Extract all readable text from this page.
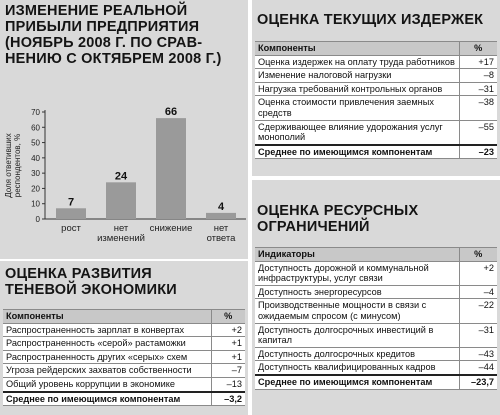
ИЗМЕНЕНИЕ РЕАЛЬНОЙ
ПРИБЫЛИ ПРЕДПРИЯТИЯ
(НОЯБРЬ 2008 Г. ПО СРАВ-
НЕНИЮ С ОКТЯБРЕМ 2008 Г.)
0
10
20
30
40
50
60
70
Доля ответившихреспондентов, %
7
рост
24
нет
изменений
66
снижение
4
нет
ответа
ОЦЕНКА РАЗВИТИЯ
ТЕНЕВОЙ ЭКОНОМИКИ
Компоненты	%
Распространенность зарплат в конвертах	+2
Распространенность «серой» растаможки	+1
Распространенность других «серых» схем	+1
Угроза рейдерских захватов собственности	–7
Общий уровень коррупции в экономике	–13
Среднее по имеющимся компонентам	–3,2
ОЦЕНКА ТЕКУЩИХ ИЗДЕРЖЕК
Компоненты	%
Оценка издержек на оплату труда работников	+17
Изменение налоговой нагрузки	–8
Нагрузка требований контрольных органов	–31
Оценка стоимости привлечения заемных средств	–38
Сдерживающее влияние удорожания услуг монополий	–55
Среднее по имеющимся компонентам	–23
ОЦЕНКА РЕСУРСНЫХ
ОГРАНИЧЕНИЙ
Индикаторы	%
Доступность дорожной и коммунальной инфраструктуры, услуг связи	+2
Доступность энергоресурсов	–4
Производственные мощности в связи с ожидаемым спросом (с минусом)	–22
Доступность долгосрочных инвестиций в капитал	–31
Доступность долгосрочных кредитов	–43
Доступность квалифицированных кадров	–44
Среднее по имеющимся компонентам	–23,7
